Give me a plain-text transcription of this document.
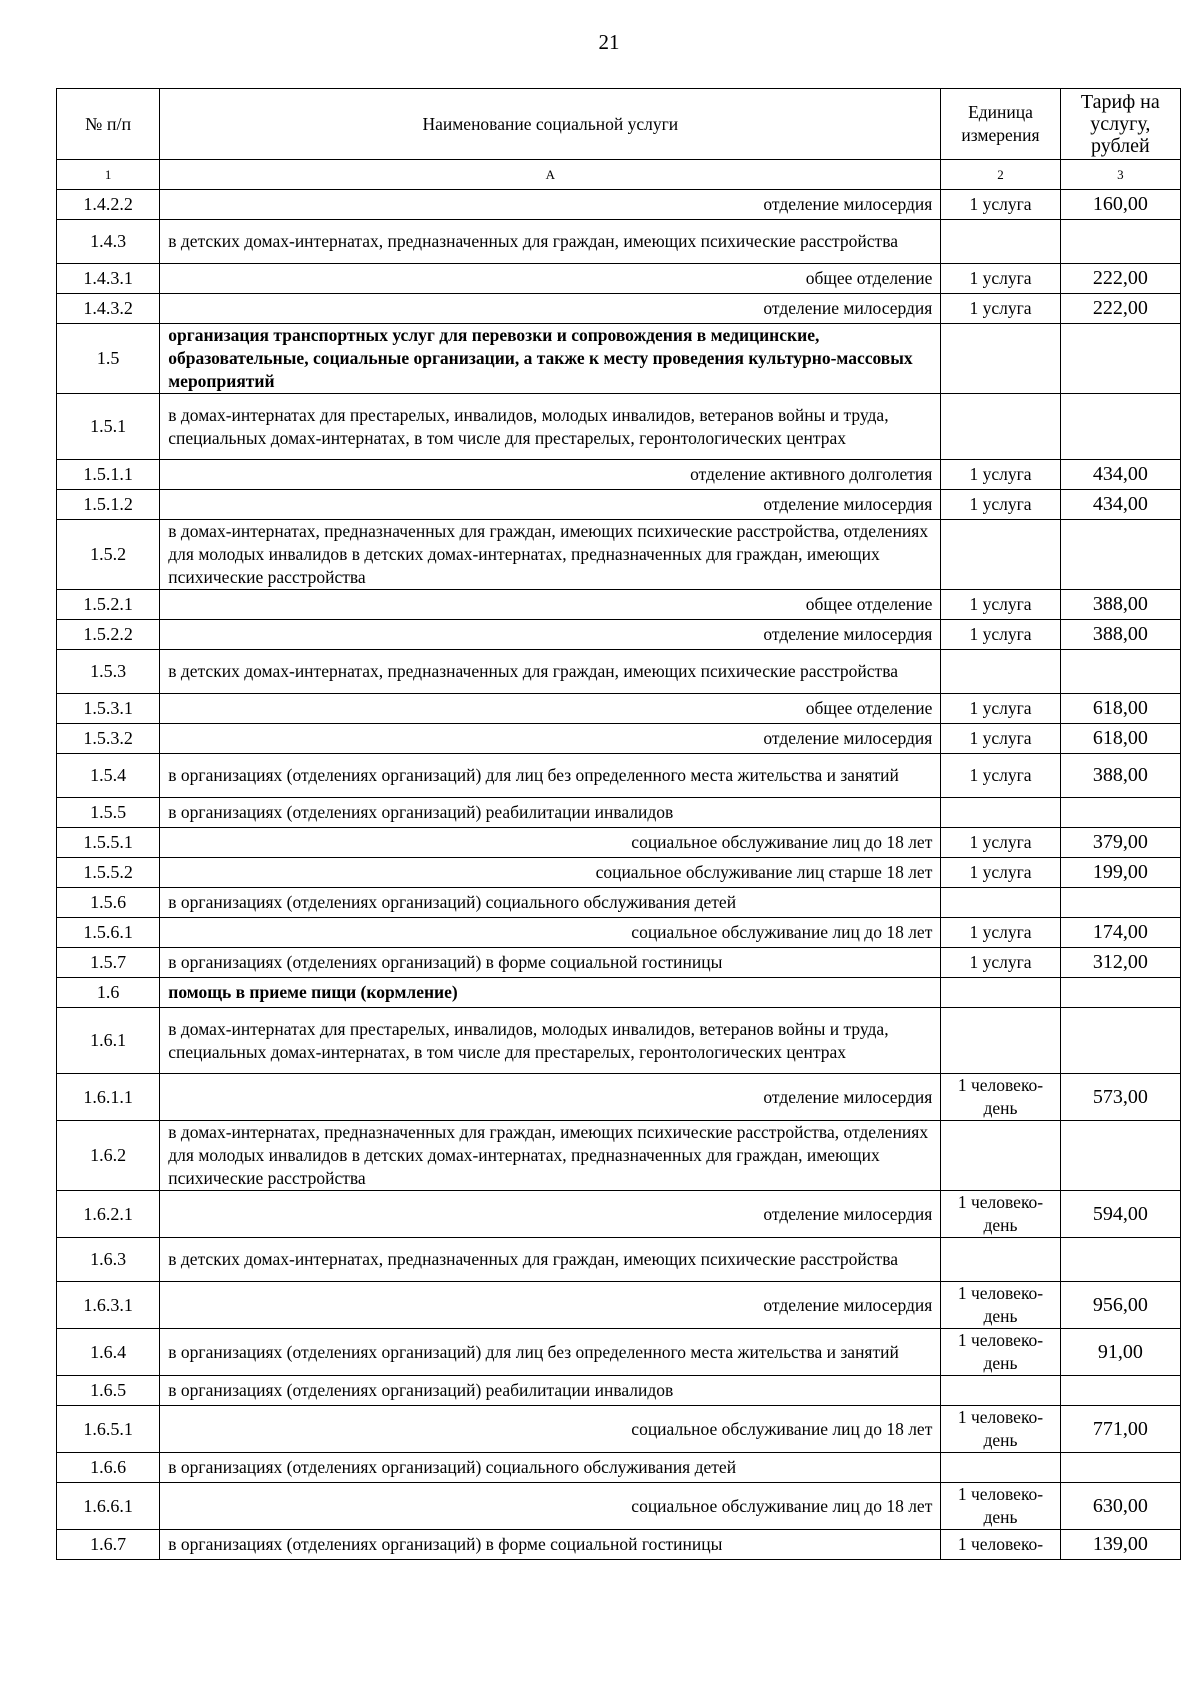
21
№ п/п	Наименование социальной услуги	Единица измерения	Тариф на услугу, рублей
1	А	2	3
1.4.2.2	отделение милосердия	1 услуга	160,00
1.4.3	в детских домах-интернатах, предназначенных для граждан, имеющих психические расстройства		
1.4.3.1	общее отделение	1 услуга	222,00
1.4.3.2	отделение милосердия	1 услуга	222,00
1.5	организация транспортных услуг для перевозки и сопровождения в медицинские, образовательные, социальные организации, а также к месту проведения культурно-массовых мероприятий		
1.5.1	в домах-интернатах для престарелых, инвалидов, молодых инвалидов, ветеранов войны и труда, специальных домах-интернатах, в том числе для престарелых, геронтологических центрах		
1.5.1.1	отделение активного долголетия	1 услуга	434,00
1.5.1.2	отделение милосердия	1 услуга	434,00
1.5.2	в домах-интернатах, предназначенных для граждан, имеющих психические расстройства, отделениях для молодых инвалидов в детских домах-интернатах, предназначенных для граждан, имеющих психические расстройства		
1.5.2.1	общее отделение	1 услуга	388,00
1.5.2.2	отделение милосердия	1 услуга	388,00
1.5.3	в детских домах-интернатах, предназначенных для граждан, имеющих психические расстройства		
1.5.3.1	общее отделение	1 услуга	618,00
1.5.3.2	отделение милосердия	1 услуга	618,00
1.5.4	в организациях (отделениях организаций) для лиц без определенного места жительства и занятий	1 услуга	388,00
1.5.5	в организациях (отделениях организаций) реабилитации инвалидов		
1.5.5.1	социальное обслуживание лиц до 18 лет	1 услуга	379,00
1.5.5.2	социальное обслуживание лиц старше 18 лет	1 услуга	199,00
1.5.6	в организациях (отделениях организаций) социального обслуживания детей		
1.5.6.1	социальное обслуживание лиц до 18 лет	1 услуга	174,00
1.5.7	в организациях (отделениях организаций) в форме социальной гостиницы	1 услуга	312,00
1.6	помощь в приеме пищи (кормление)		
1.6.1	в домах-интернатах для престарелых, инвалидов, молодых инвалидов, ветеранов войны и труда, специальных домах-интернатах, в том числе для престарелых, геронтологических центрах		
1.6.1.1	отделение милосердия	1 человеко-день	573,00
1.6.2	в домах-интернатах, предназначенных для граждан, имеющих психические расстройства, отделениях для молодых инвалидов в детских домах-интернатах, предназначенных для граждан, имеющих психические расстройства		
1.6.2.1	отделение милосердия	1 человеко-день	594,00
1.6.3	в детских домах-интернатах, предназначенных для граждан, имеющих психические расстройства		
1.6.3.1	отделение милосердия	1 человеко-день	956,00
1.6.4	в организациях (отделениях организаций) для лиц без определенного места жительства и занятий	1 человеко-день	91,00
1.6.5	в организациях (отделениях организаций) реабилитации инвалидов		
1.6.5.1	социальное обслуживание лиц до 18 лет	1 человеко-день	771,00
1.6.6	в организациях (отделениях организаций) социального обслуживания детей		
1.6.6.1	социальное обслуживание лиц до 18 лет	1 человеко-день	630,00
1.6.7	в организациях (отделениях организаций) в форме социальной гостиницы	1 человеко-	139,00
